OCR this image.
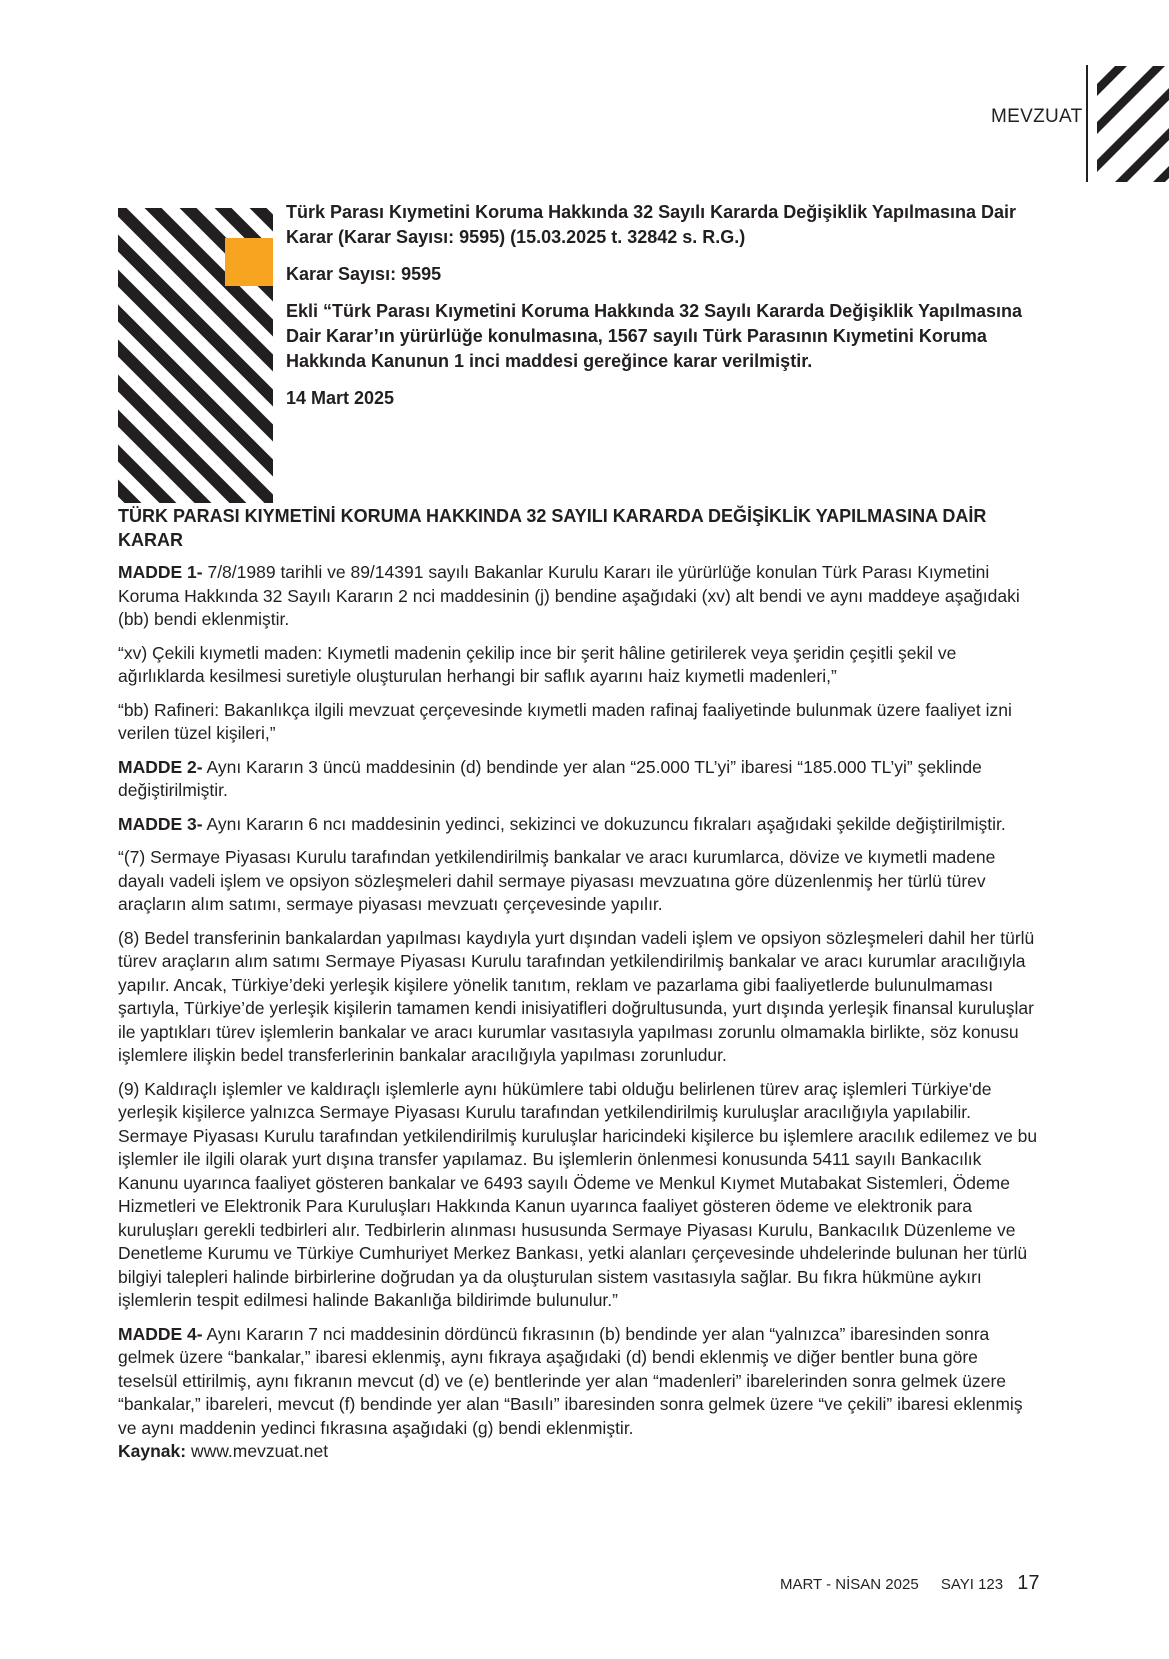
MEVZUAT

Türk Parası Kıymetini Koruma Hakkında 32 Sayılı Kararda Değişiklik Yapılmasına Dair Karar (Karar Sayısı: 9595) (15.03.2025 t. 32842 s. R.G.)

Karar Sayısı: 9595

Ekli “Türk Parası Kıymetini Koruma Hakkında 32 Sayılı Kararda Değişiklik Yapılmasına Dair Karar’ın yürürlüğe konulmasına, 1567 sayılı Türk Parasının Kıymetini Koruma Hakkında Kanunun 1 inci maddesi gereğince karar verilmiştir.

14 Mart 2025

TÜRK PARASI KIYMETİNİ KORUMA HAKKINDA 32 SAYILI KARARDA DEĞİŞİKLİK YAPILMASINA DAİR KARAR

MADDE 1- 7/8/1989 tarihli ve 89/14391 sayılı Bakanlar Kurulu Kararı ile yürürlüğe konulan Türk Parası Kıymetini Koruma Hakkında 32 Sayılı Kararın 2 nci maddesinin (j) bendine aşağıdaki (xv) alt bendi ve aynı maddeye aşağıdaki (bb) bendi eklenmiştir.

“xv) Çekili kıymetli maden: Kıymetli madenin çekilip ince bir şerit hâline getirilerek veya şeridin çeşitli şekil ve ağırlıklarda kesilmesi suretiyle oluşturulan herhangi bir saflık ayarını haiz kıymetli madenleri,”

“bb) Rafineri: Bakanlıkça ilgili mevzuat çerçevesinde kıymetli maden rafinaj faaliyetinde bulunmak üzere faaliyet izni verilen tüzel kişileri,”

MADDE 2- Aynı Kararın 3 üncü maddesinin (d) bendinde yer alan “25.000 TL’yi” ibaresi “185.000 TL’yi” şeklinde değiştirilmiştir.

MADDE 3- Aynı Kararın 6 ncı maddesinin yedinci, sekizinci ve dokuzuncu fıkraları aşağıdaki şekilde değiştirilmiştir.

“(7) Sermaye Piyasası Kurulu tarafından yetkilendirilmiş bankalar ve aracı kurumlarca, dövize ve kıymetli madene dayalı vadeli işlem ve opsiyon sözleşmeleri dahil sermaye piyasası mevzuatına göre düzenlenmiş her türlü türev araçların alım satımı, sermaye piyasası mevzuatı çerçevesinde yapılır.

(8) Bedel transferinin bankalardan yapılması kaydıyla yurt dışından vadeli işlem ve opsiyon sözleşmeleri dahil her türlü türev araçların alım satımı Sermaye Piyasası Kurulu tarafından yetkilendirilmiş bankalar ve aracı kurumlar aracılığıyla yapılır. Ancak, Türkiye’deki yerleşik kişilere yönelik tanıtım, reklam ve pazarlama gibi faaliyetlerde bulunulmaması şartıyla, Türkiye’de yerleşik kişilerin tamamen kendi inisiyatifleri doğrultusunda, yurt dışında yerleşik finansal kuruluşlar ile yaptıkları türev işlemlerin bankalar ve aracı kurumlar vasıtasıyla yapılması zorunlu olmamakla birlikte, söz konusu işlemlere ilişkin bedel transferlerinin bankalar aracılığıyla yapılması zorunludur.

(9) Kaldıraçlı işlemler ve kaldıraçlı işlemlerle aynı hükümlere tabi olduğu belirlenen türev araç işlemleri Türkiye'de yerleşik kişilerce yalnızca Sermaye Piyasası Kurulu tarafından yetkilendirilmiş kuruluşlar aracılığıyla yapılabilir. Sermaye Piyasası Kurulu tarafından yetkilendirilmiş kuruluşlar haricindeki kişilerce bu işlemlere aracılık edilemez ve bu işlemler ile ilgili olarak yurt dışına transfer yapılamaz. Bu işlemlerin önlenmesi konusunda 5411 sayılı Bankacılık Kanunu uyarınca faaliyet gösteren bankalar ve 6493 sayılı Ödeme ve Menkul Kıymet Mutabakat Sistemleri, Ödeme Hizmetleri ve Elektronik Para Kuruluşları Hakkında Kanun uyarınca faaliyet gösteren ödeme ve elektronik para kuruluşları gerekli tedbirleri alır. Tedbirlerin alınması hususunda Sermaye Piyasası Kurulu, Bankacılık Düzenleme ve Denetleme Kurumu ve Türkiye Cumhuriyet Merkez Bankası, yetki alanları çerçevesinde uhdelerinde bulunan her türlü bilgiyi talepleri halinde birbirlerine doğrudan ya da oluşturulan sistem vasıtasıyla sağlar. Bu fıkra hükmüne aykırı işlemlerin tespit edilmesi halinde Bakanlığa bildirimde bulunulur.”

MADDE 4- Aynı Kararın 7 nci maddesinin dördüncü fıkrasının (b) bendinde yer alan “yalnızca” ibaresinden sonra gelmek üzere “bankalar,” ibaresi eklenmiş, aynı fıkraya aşağıdaki (d) bendi eklenmiş ve diğer bentler buna göre teselsül ettirilmiş, aynı fıkranın mevcut (d) ve (e) bentlerinde yer alan “madenleri” ibarelerinden sonra gelmek üzere “bankalar,” ibareleri, mevcut (f) bendinde yer alan “Basılı” ibaresinden sonra gelmek üzere “ve çekili” ibaresi eklenmiş ve aynı maddenin yedinci fıkrasına aşağıdaki (g) bendi eklenmiştir.

Kaynak: www.mevzuat.net

MART - NİSAN 2025 SAYI 123 17
